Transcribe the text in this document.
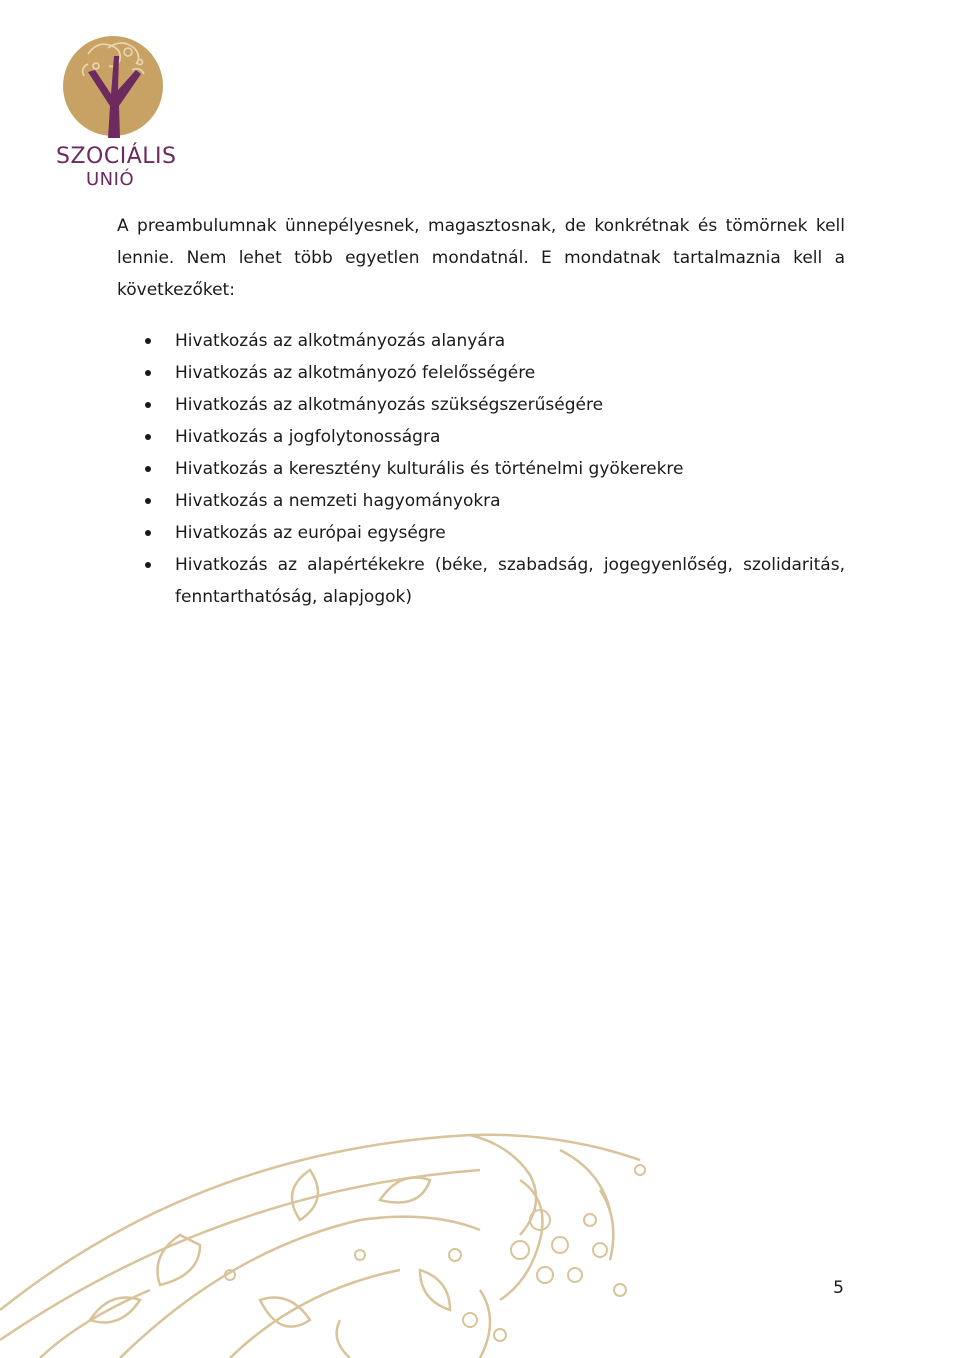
SZOCIÁLIS
UNIÓ

A preambulumnak ünnepélyesnek, magasztosnak, de konkrétnak és tömörnek kell lennie. Nem lehet több egyetlen mondatnál. E mondatnak tartalmaznia kell a következőket:

Hivatkozás az alkotmányozás alanyára
Hivatkozás az alkotmányozó felelősségére
Hivatkozás az alkotmányozás szükségszerűségére
Hivatkozás a jogfolytonosságra
Hivatkozás a keresztény kulturális és történelmi gyökerekre
Hivatkozás a nemzeti hagyományokra
Hivatkozás az európai egységre
Hivatkozás az alapértékekre (béke, szabadság, jogegyenlőség, szolidaritás, fenntarthatóság, alapjogok)
5
